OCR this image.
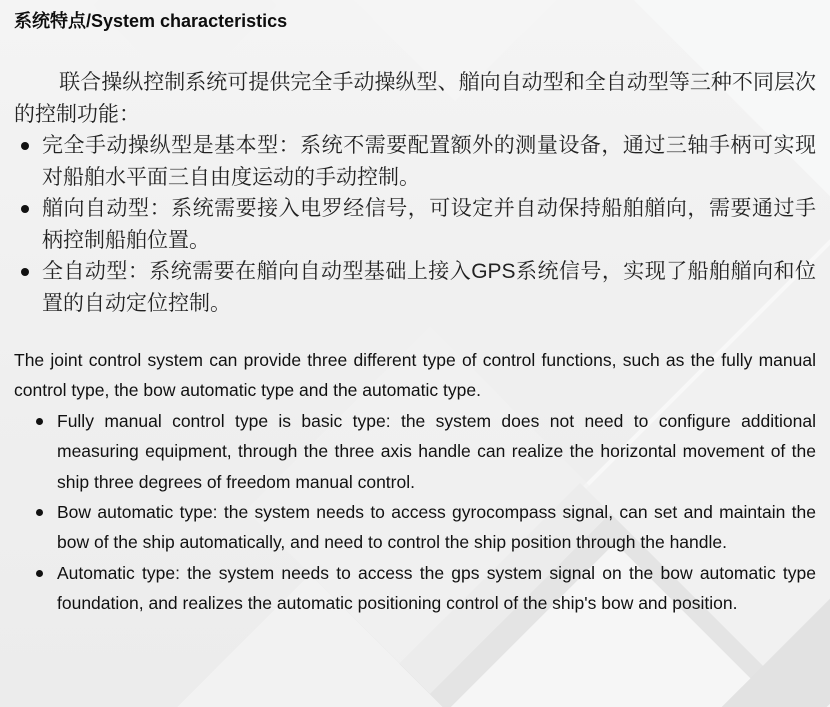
系统特点/System characteristics

联合操纵控制系统可提供完全手动操纵型、艏向自动型和全自动型等三种不同层次的控制功能：

完全手动操纵型是基本型：系统不需要配置额外的测量设备，通过三轴手柄可实现对船舶水平面三自由度运动的手动控制。
艏向自动型：系统需要接入电罗经信号，可设定并自动保持船舶艏向，需要通过手柄控制船舶位置。
全自动型：系统需要在艏向自动型基础上接入GPS系统信号，实现了船舶艏向和位置的自动定位控制。

The joint control system can provide three different type of control functions, such as the fully manual control type, the bow automatic type and the automatic type.

Fully manual control type is basic type: the system does not need to configure additional measuring equipment, through the three axis handle can realize the horizontal movement of the ship three degrees of freedom manual control.
Bow automatic type: the system needs to access gyrocompass signal, can set and maintain the bow of the ship automatically, and need to control the ship position through the handle.
Automatic type: the system needs to access the gps system signal on the bow automatic type foundation, and realizes the automatic positioning control of the ship's bow and position.
